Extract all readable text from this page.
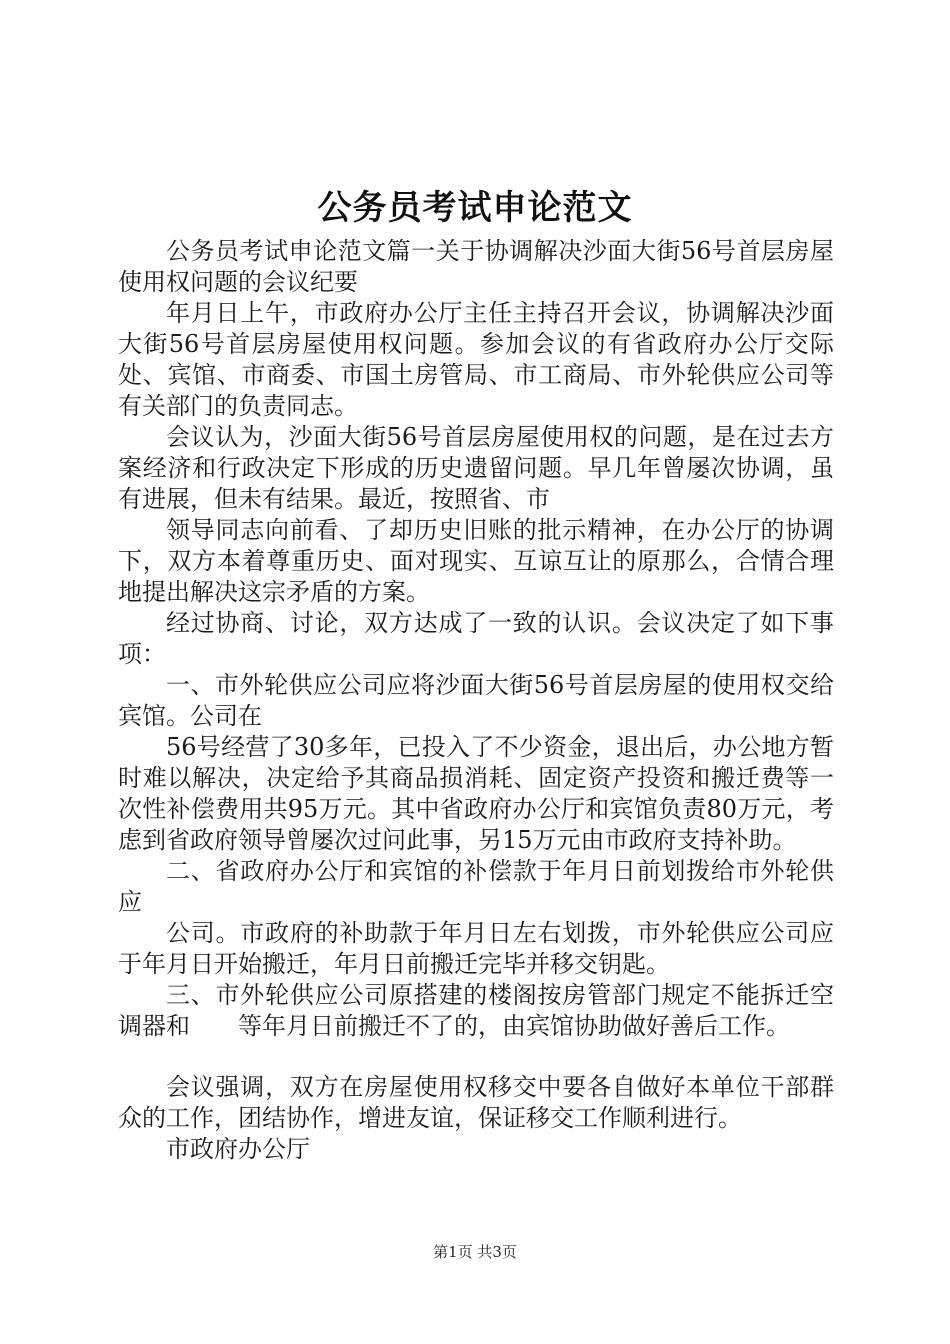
公务员考试申论范文

公务员考试申论范文篇一关于协调解决沙面大街56号首层房屋使用权问题的会议纪要

年月日上午，市政府办公厅主任主持召开会议，协调解决沙面大街56号首层房屋使用权问题。参加会议的有省政府办公厅交际处、宾馆、市商委、市国土房管局、市工商局、市外轮供应公司等有关部门的负责同志。

会议认为，沙面大街56号首层房屋使用权的问题，是在过去方案经济和行政决定下形成的历史遗留问题。早几年曾屡次协调，虽有进展，但未有结果。最近，按照省、市

领导同志向前看、了却历史旧账的批示精神，在办公厅的协调下，双方本着尊重历史、面对现实、互谅互让的原那么，合情合理地提出解决这宗矛盾的方案。

经过协商、讨论，双方达成了一致的认识。会议决定了如下事项：

一、市外轮供应公司应将沙面大街56号首层房屋的使用权交给宾馆。公司在

56号经营了30多年，已投入了不少资金，退出后，办公地方暂时难以解决，决定给予其商品损消耗、固定资产投资和搬迁费等一次性补偿费用共95万元。其中省政府办公厅和宾馆负责80万元，考虑到省政府领导曾屡次过问此事，另15万元由市政府支持补助。

二、省政府办公厅和宾馆的补偿款于年月日前划拨给市外轮供应

公司。市政府的补助款于年月日左右划拨，市外轮供应公司应于年月日开始搬迁，年月日前搬迁完毕并移交钥匙。

三、市外轮供应公司原搭建的楼阁按房管部门规定不能拆迁空调器和　　等年月日前搬迁不了的，由宾馆协助做好善后工作。

会议强调，双方在房屋使用权移交中要各自做好本单位干部群众的工作，团结协作，增进友谊，保证移交工作顺利进行。

市政府办公厅

第1页 共3页
